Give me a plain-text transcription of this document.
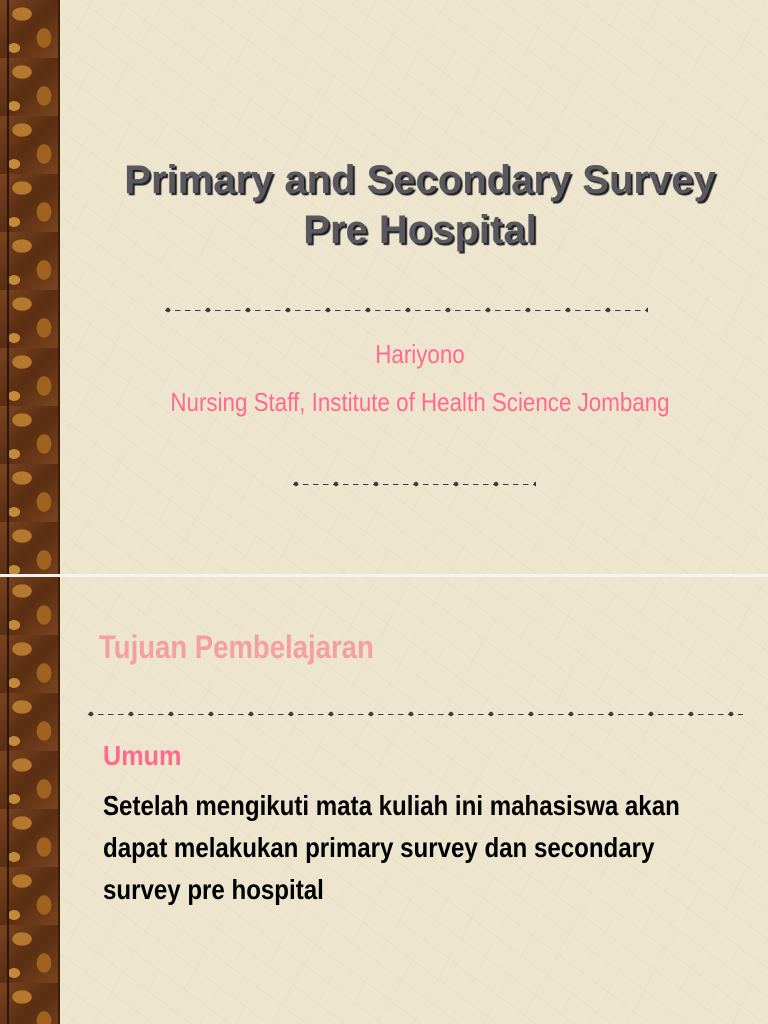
Primary and Secondary Survey Pre Hospital

Hariyono

Nursing Staff, Institute of Health Science Jombang

Tujuan Pembelajaran
Umum

Setelah mengikuti mata kuliah ini mahasiswa akan dapat melakukan primary survey dan secondary survey pre hospital
